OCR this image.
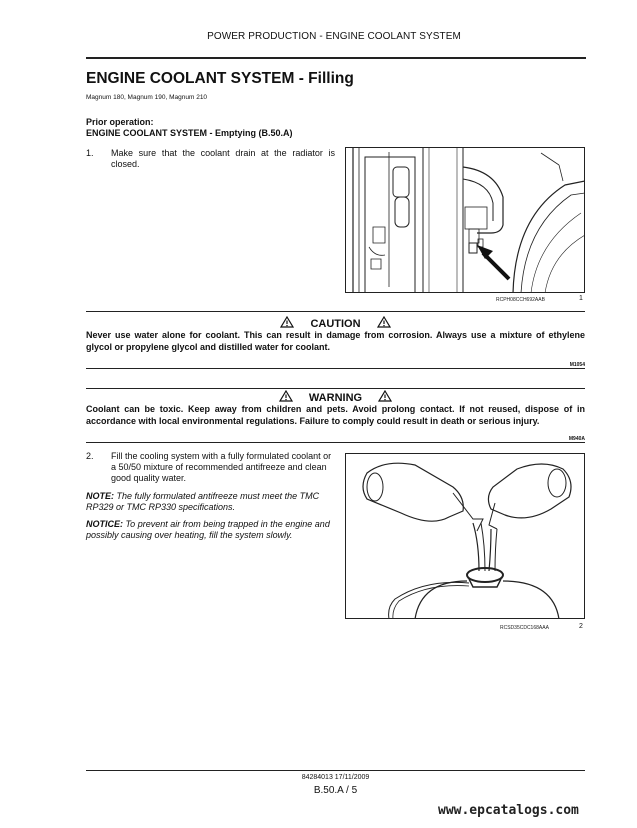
POWER PRODUCTION - ENGINE COOLANT SYSTEM
ENGINE COOLANT SYSTEM - Filling
Magnum 180, Magnum 190, Magnum 210
Prior operation:
ENGINE COOLANT SYSTEM - Emptying (B.50.A)
1. Make sure that the coolant drain at the radiator is closed.
RCPH08CCH692AAB	1
CAUTION
Never use water alone for coolant. This can result in damage from corrosion. Always use a mixture of ethylene glycol or propylene glycol and distilled water for coolant.
M1054
WARNING
Coolant can be toxic. Keep away from children and pets. Avoid prolong contact. If not reused, dispose of in accordance with local environmental regulations. Failure to comply could result in death or serious injury.
M940A
2. Fill the cooling system with a fully formulated coolant or a 50/50 mixture of recommended antifreeze and clean good quality water.
NOTE: The fully formulated antifreeze must meet the TMC RP329 or TMC RP330 specifications.
NOTICE: To prevent air from being trapped in the engine and possibly causing over heating, fill the system slowly.
RCSD35CDC168AAA	2
84284013 17/11/2009
B.50.A / 5
www.epcatalogs.com
